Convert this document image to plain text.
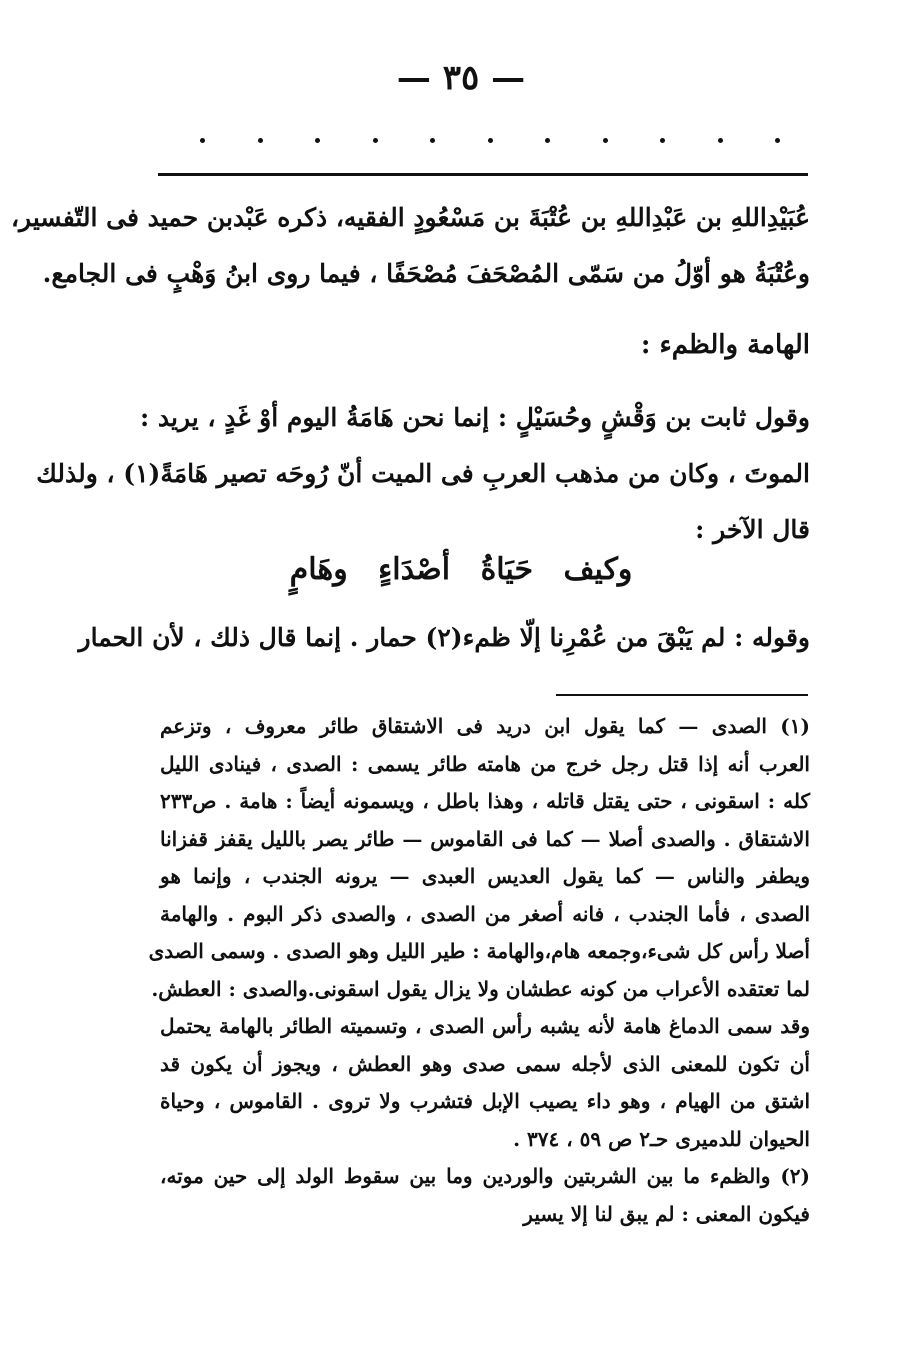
— ٣٥ —
عُبَيْدِاللهِ بن عَبْدِاللهِ بن عُتْبَةَ بن مَسْعُودٍ الفقيه، ذكره عَبْدبن حميد فى التّفسير،
وعُتْبَةُ هو أوّلُ من سَمّى المُصْحَفَ مُصْحَفًا ، فيما روى ابنُ وَهْبٍ فى الجامع.
الهامة والظمء :
وقول ثابت بن وَقْشٍ وحُسَيْلٍ : إنما نحن هَامَةُ اليوم أوْ غَدٍ ، يريد :
الموتَ ، وكان من مذهب العربِ فى الميت أنّ رُوحَه تصير هَامَةً(١) ، ولذلك
قال الآخر :
وكيف حَيَاةُ أصْدَاءٍ وهَامٍ
وقوله : لم يَبْقَ من عُمْرِنا إلّا ظمء(٢) حمار . إنما قال ذلك ، لأن الحمار
(١) الصدى — كما يقول ابن دريد فى الاشتقاق طائر معروف ، وتزعم
العرب أنه إذا قتل رجل خرج من هامته طائر يسمى : الصدى ، فينادى الليل
كله : اسقونى ، حتى يقتل قاتله ، وهذا باطل ، ويسمونه أيضاً : هامة . ص٢٣٣
الاشتقاق . والصدى أصلا — كما فى القاموس — طائر يصر بالليل يقفز قفزانا
ويطفر والناس — كما يقول العديس العبدى — يرونه الجندب ، وإنما هو
الصدى ، فأما الجندب ، فانه أصغر من الصدى ، والصدى ذكر البوم . والهامة
أصلا رأس كل شىء،وجمعه هام،والهامة : طير الليل وهو الصدى . وسمى الصدى
لما تعتقده الأعراب من كونه عطشان ولا يزال يقول اسقونى.والصدى : العطش.
وقد سمى الدماغ هامة لأنه يشبه رأس الصدى ، وتسميته الطائر بالهامة يحتمل
أن تكون للمعنى الذى لأجله سمى صدى وهو العطش ، ويجوز أن يكون قد
اشتق من الهيام ، وهو داء يصيب الإبل فتشرب ولا تروى . القاموس ، وحياة
الحيوان للدميرى حـ٢ ص ٥٩ ، ٣٧٤ .
(٢) والظمء ما بين الشربتين والوردين وما بين سقوط الولد إلى حين موته،
فيكون المعنى : لم يبق لنا إلا يسير
